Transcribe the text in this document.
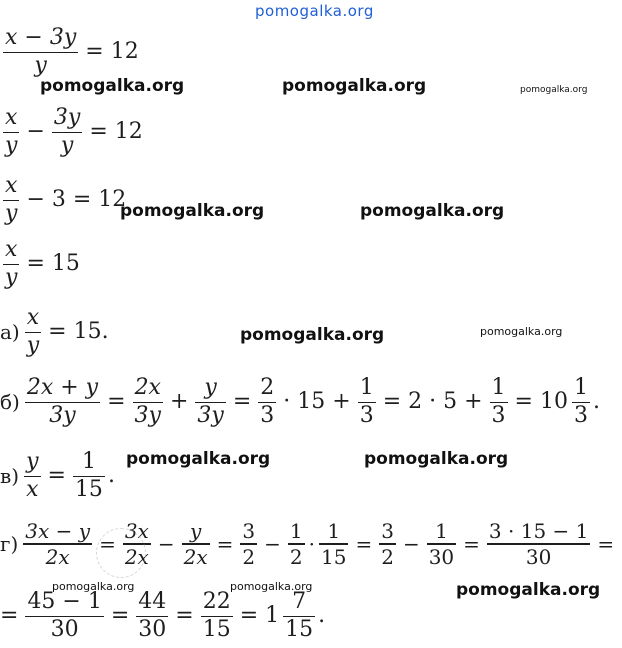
pomogalka.org
$\frac{x - 3y}{y} = 12$
$\frac{x}{y} - \frac{3y}{y} = 12$
$\frac{x}{y} - 3 = 12$
$\frac{x}{y} = 15$
$а) \frac{x}{y} = 15$.
$б) \frac{2x + y}{3y} = \frac{2x}{3y} + \frac{y}{3y} = \frac{2}{3} \cdot 15 + \frac{1}{3} = 2 \cdot 5 + \frac{1}{3} = 10 \frac{1}{3}$ .
$в) \frac{y}{x} = \frac{1}{15}$ .
$г) \frac{3x - y}{2x} = \frac{3x}{2x} - \frac{y}{2x} = \frac{3}{2} - \frac{1}{2} \cdot \frac{1}{15} = \frac{3}{2} - \frac{1}{30} = \frac{3 \cdot 15 - 1}{30}$ =
= $\frac{45 - 1}{30} = \frac{44}{30} = \frac{22}{15} = 1 \frac{7}{15}$ .
pomogalka.org	pomogalka.org	pomogalka.org
pomogalka.org	pomogalka.org
pomogalka.org	pomogalka.org
pomogalka.org	pomogalka.org
pomogalka.org	pomogalka.org	pomogalka.org
